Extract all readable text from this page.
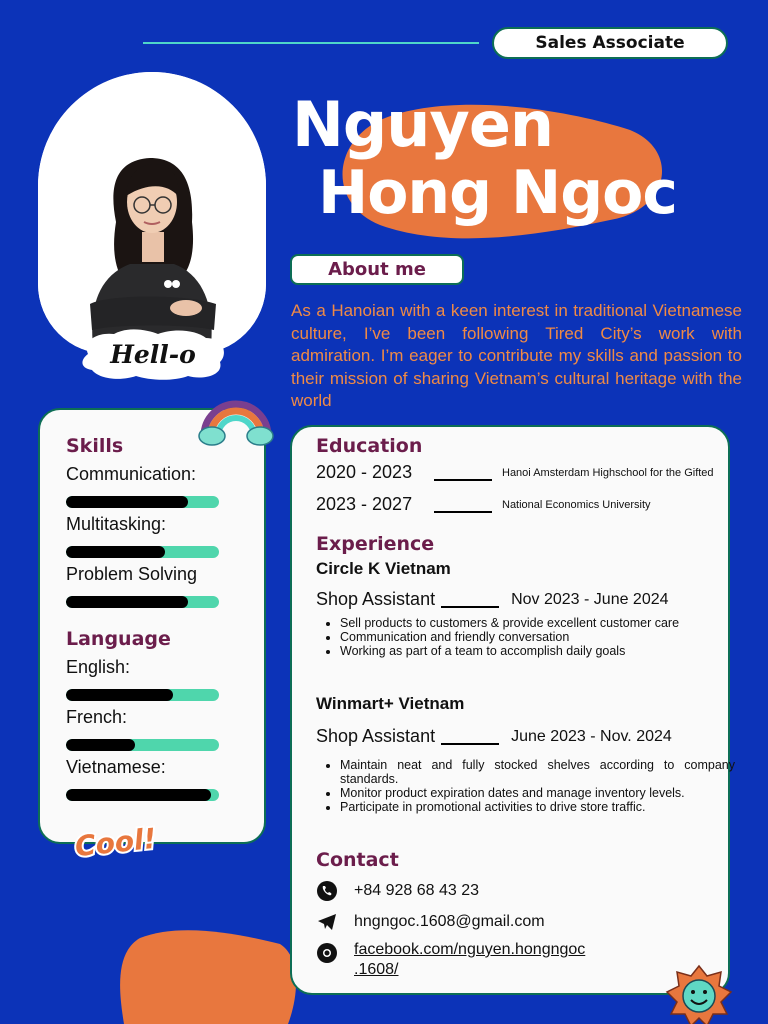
Sales Associate
Nguyen
Hong Ngoc
Hell-o
About me
As a Hanoian with a keen interest in traditional Vietnamese culture, I’ve been following Tired City’s work with admiration. I’m eager to contribute my skills and passion to their mission of sharing Vietnam’s cultural heritage with the world
Skills
Communication:
Multitasking:
Problem Solving
Language
English:
French:
Vietnamese:
Cool!
Education
2020 - 2023	Hanoi Amsterdam Highschool for the Gifted
2023 - 2027	National Economics University
Experience
Circle K Vietnam
Shop Assistant	Nov 2023 - June 2024
• Sell products to customers & provide excellent customer care
• Communication and friendly conversation
• Working as part of a team to accomplish daily goals
Winmart+ Vietnam
Shop Assistant	June 2023 - Nov. 2024
• Maintain neat and fully stocked shelves according to company standards.
• Monitor product expiration dates and manage inventory levels.
• Participate in promotional activities to drive store traffic.
Contact
+84 928 68 43 23
hngngoc.1608@gmail.com
facebook.com/nguyen.hongngoc
.1608/
